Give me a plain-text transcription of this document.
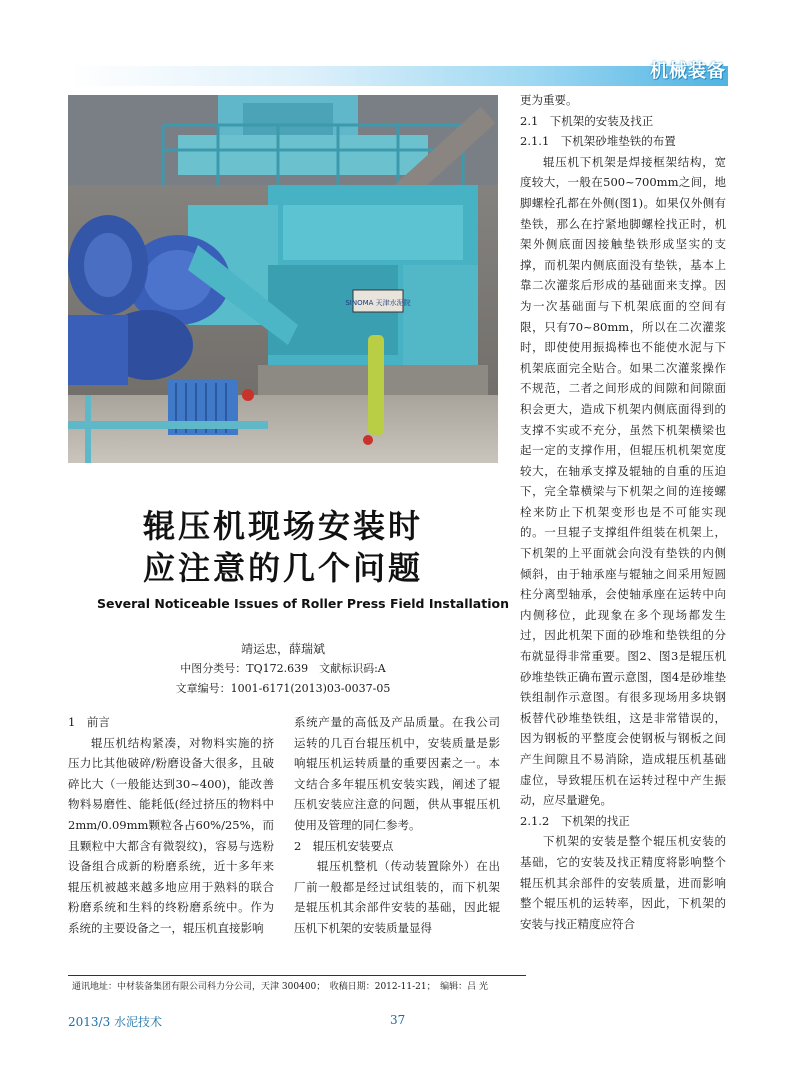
机械装备
SINOMA 天津水泥院
辊压机现场安装时
应注意的几个问题
Several Noticeable Issues of Roller Press Field Installation
靖运忠，薛瑞斌
中图分类号：TQ172.639　文献标识码:A
文章编号：1001-6171(2013)03-0037-05

1　前言

辊压机结构紧凑，对物料实施的挤压力比其他破碎/粉磨设备大很多，且破碎比大（一般能达到30~400)，能改善物料易磨性、能耗低(经过挤压的物料中2mm/0.09mm颗粒各占60%/25%，而且颗粒中大都含有微裂纹)，容易与选粉设备组合成新的粉磨系统，近十多年来辊压机被越来越多地应用于熟料的联合粉磨系统和生料的终粉磨系统中。作为系统的主要设备之一，辊压机直接影响

系统产量的高低及产品质量。在我公司运转的几百台辊压机中，安装质量是影响辊压机运转质量的重要因素之一。本文结合多年辊压机安装实践，阐述了辊压机安装应注意的问题，供从事辊压机使用及管理的同仁参考。

2　辊压机安装要点

辊压机整机（传动装置除外）在出厂前一般都是经过试组装的，而下机架是辊压机其余部件安装的基础，因此辊压机下机架的安装质量显得

更为重要。

2.1　下机架的安装及找正

2.1.1　下机架砂堆垫铁的布置

辊压机下机架是焊接框架结构，宽度较大，一般在500~700mm之间，地脚螺栓孔都在外侧(图1)。如果仅外侧有垫铁，那么在拧紧地脚螺栓找正时，机架外侧底面因接触垫铁形成坚实的支撑，而机架内侧底面没有垫铁，基本上靠二次灌浆后形成的基础面来支撑。因为一次基础面与下机架底面的空间有限，只有70~80mm，所以在二次灌浆时，即使使用振捣棒也不能使水泥与下机架底面完全贴合。如果二次灌浆操作不规范，二者之间形成的间隙和间隙面积会更大，造成下机架内侧底面得到的支撑不实或不充分，虽然下机架横梁也起一定的支撑作用，但辊压机机架宽度较大，在轴承支撑及辊轴的自重的压迫下，完全靠横梁与下机架之间的连接螺栓来防止下机架变形也是不可能实现的。一旦辊子支撑组件组装在机架上，下机架的上平面就会向没有垫铁的内侧倾斜，由于轴承座与辊轴之间采用短圆柱分离型轴承，会使轴承座在运转中向内侧移位，此现象在多个现场都发生过，因此机架下面的砂堆和垫铁组的分布就显得非常重要。图2、图3是辊压机砂堆垫铁正确布置示意图，图4是砂堆垫铁组制作示意图。有很多现场用多块钢板替代砂堆垫铁组，这是非常错误的，因为钢板的平整度会使钢板与钢板之间产生间隙且不易消除，造成辊压机基础虚位，导致辊压机在运转过程中产生振动，应尽量避免。

2.1.2　下机架的找正

下机架的安装是整个辊压机安装的基础，它的安装及找正精度将影响整个辊压机其余部件的安装质量，进而影响整个辊压机的运转率，因此，下机架的安装与找正精度应符合

通讯地址：中材装备集团有限公司科力分公司，天津 300400；　收稿日期：2012-11-21；　编辑：吕 光
2013/3 水泥技术	37
